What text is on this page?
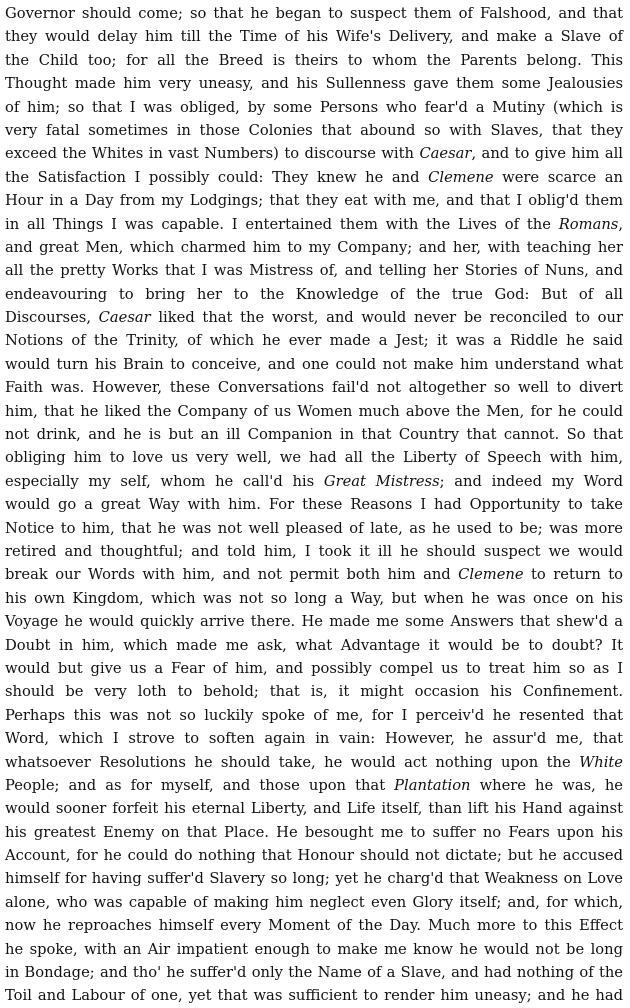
Governor should come; so that he began to suspect them of Falshood, and that
they would delay him till the Time of his Wife's Delivery, and make a Slave of
the Child too; for all the Breed is theirs to whom the Parents belong. This
Thought made him very uneasy, and his Sullenness gave them some Jealousies
of him; so that I was obliged, by some Persons who fear'd a Mutiny (which is
very fatal sometimes in those Colonies that abound so with Slaves, that they
exceed the Whites in vast Numbers) to discourse with Caesar, and to give him all
the Satisfaction I possibly could: They knew he and Clemene were scarce an
Hour in a Day from my Lodgings; that they eat with me, and that I oblig'd them
in all Things I was capable. I entertained them with the Lives of the Romans,
and great Men, which charmed him to my Company; and her, with teaching her
all the pretty Works that I was Mistress of, and telling her Stories of Nuns, and
endeavouring to bring her to the Knowledge of the true God: But of all
Discourses, Caesar liked that the worst, and would never be reconciled to our
Notions of the Trinity, of which he ever made a Jest; it was a Riddle he said
would turn his Brain to conceive, and one could not make him understand what
Faith was. However, these Conversations fail'd not altogether so well to divert
him, that he liked the Company of us Women much above the Men, for he could
not drink, and he is but an ill Companion in that Country that cannot. So that
obliging him to love us very well, we had all the Liberty of Speech with him,
especially my self, whom he call'd his Great Mistress; and indeed my Word
would go a great Way with him. For these Reasons I had Opportunity to take
Notice to him, that he was not well pleased of late, as he used to be; was more
retired and thoughtful; and told him, I took it ill he should suspect we would
break our Words with him, and not permit both him and Clemene to return to
his own Kingdom, which was not so long a Way, but when he was once on his
Voyage he would quickly arrive there. He made me some Answers that shew'd a
Doubt in him, which made me ask, what Advantage it would be to doubt? It
would but give us a Fear of him, and possibly compel us to treat him so as I
should be very loth to behold; that is, it might occasion his Confinement.
Perhaps this was not so luckily spoke of me, for I perceiv'd he resented that
Word, which I strove to soften again in vain: However, he assur'd me, that
whatsoever Resolutions he should take, he would act nothing upon the White
People; and as for myself, and those upon that Plantation where he was, he
would sooner forfeit his eternal Liberty, and Life itself, than lift his Hand against
his greatest Enemy on that Place. He besought me to suffer no Fears upon his
Account, for he could do nothing that Honour should not dictate; but he accused
himself for having suffer'd Slavery so long; yet he charg'd that Weakness on Love
alone, who was capable of making him neglect even Glory itself; and, for which,
now he reproaches himself every Moment of the Day. Much more to this Effect
he spoke, with an Air impatient enough to make me know he would not be long
in Bondage; and tho' he suffer'd only the Name of a Slave, and had nothing of the
Toil and Labour of one, yet that was sufficient to render him uneasy; and he had
